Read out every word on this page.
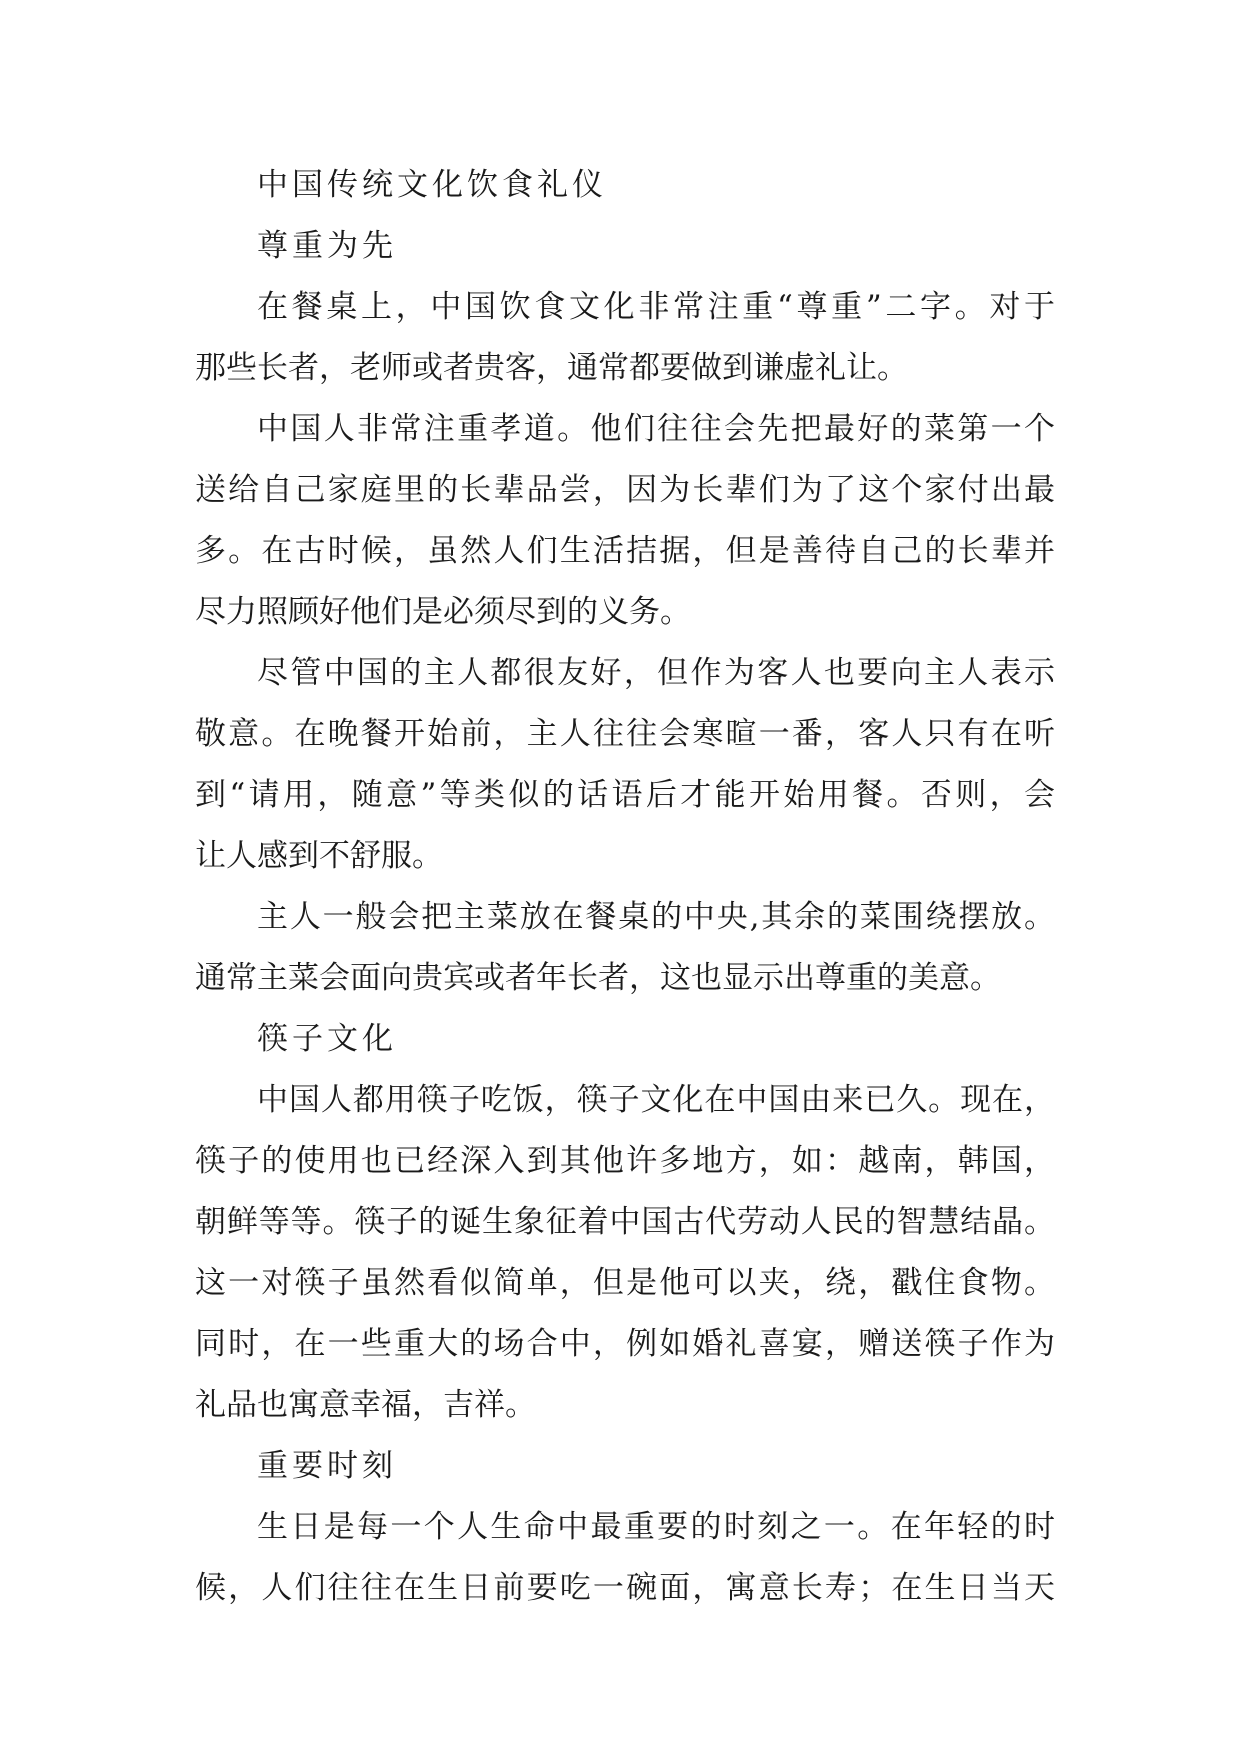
中国传统文化饮食礼仪
尊重为先
在餐桌上，中国饮食文化非常注重“尊重”二字。对于
那些长者，老师或者贵客，通常都要做到谦虚礼让。
中国人非常注重孝道。他们往往会先把最好的菜第一个
送给自己家庭里的长辈品尝，因为长辈们为了这个家付出最
多。在古时候，虽然人们生活拮据，但是善待自己的长辈并
尽力照顾好他们是必须尽到的义务。
尽管中国的主人都很友好，但作为客人也要向主人表示
敬意。在晚餐开始前，主人往往会寒暄一番，客人只有在听
到“请用，随意”等类似的话语后才能开始用餐。否则，会
让人感到不舒服。
主人一般会把主菜放在餐桌的中央,其余的菜围绕摆放。
通常主菜会面向贵宾或者年长者，这也显示出尊重的美意。
筷子文化
中国人都用筷子吃饭，筷子文化在中国由来已久。现在，
筷子的使用也已经深入到其他许多地方，如：越南，韩国，
朝鲜等等。筷子的诞生象征着中国古代劳动人民的智慧结晶。
这一对筷子虽然看似简单，但是他可以夹，绕，戳住食物。
同时，在一些重大的场合中，例如婚礼喜宴，赠送筷子作为
礼品也寓意幸福，吉祥。
重要时刻
生日是每一个人生命中最重要的时刻之一。在年轻的时
候，人们往往在生日前要吃一碗面，寓意长寿；在生日当天
